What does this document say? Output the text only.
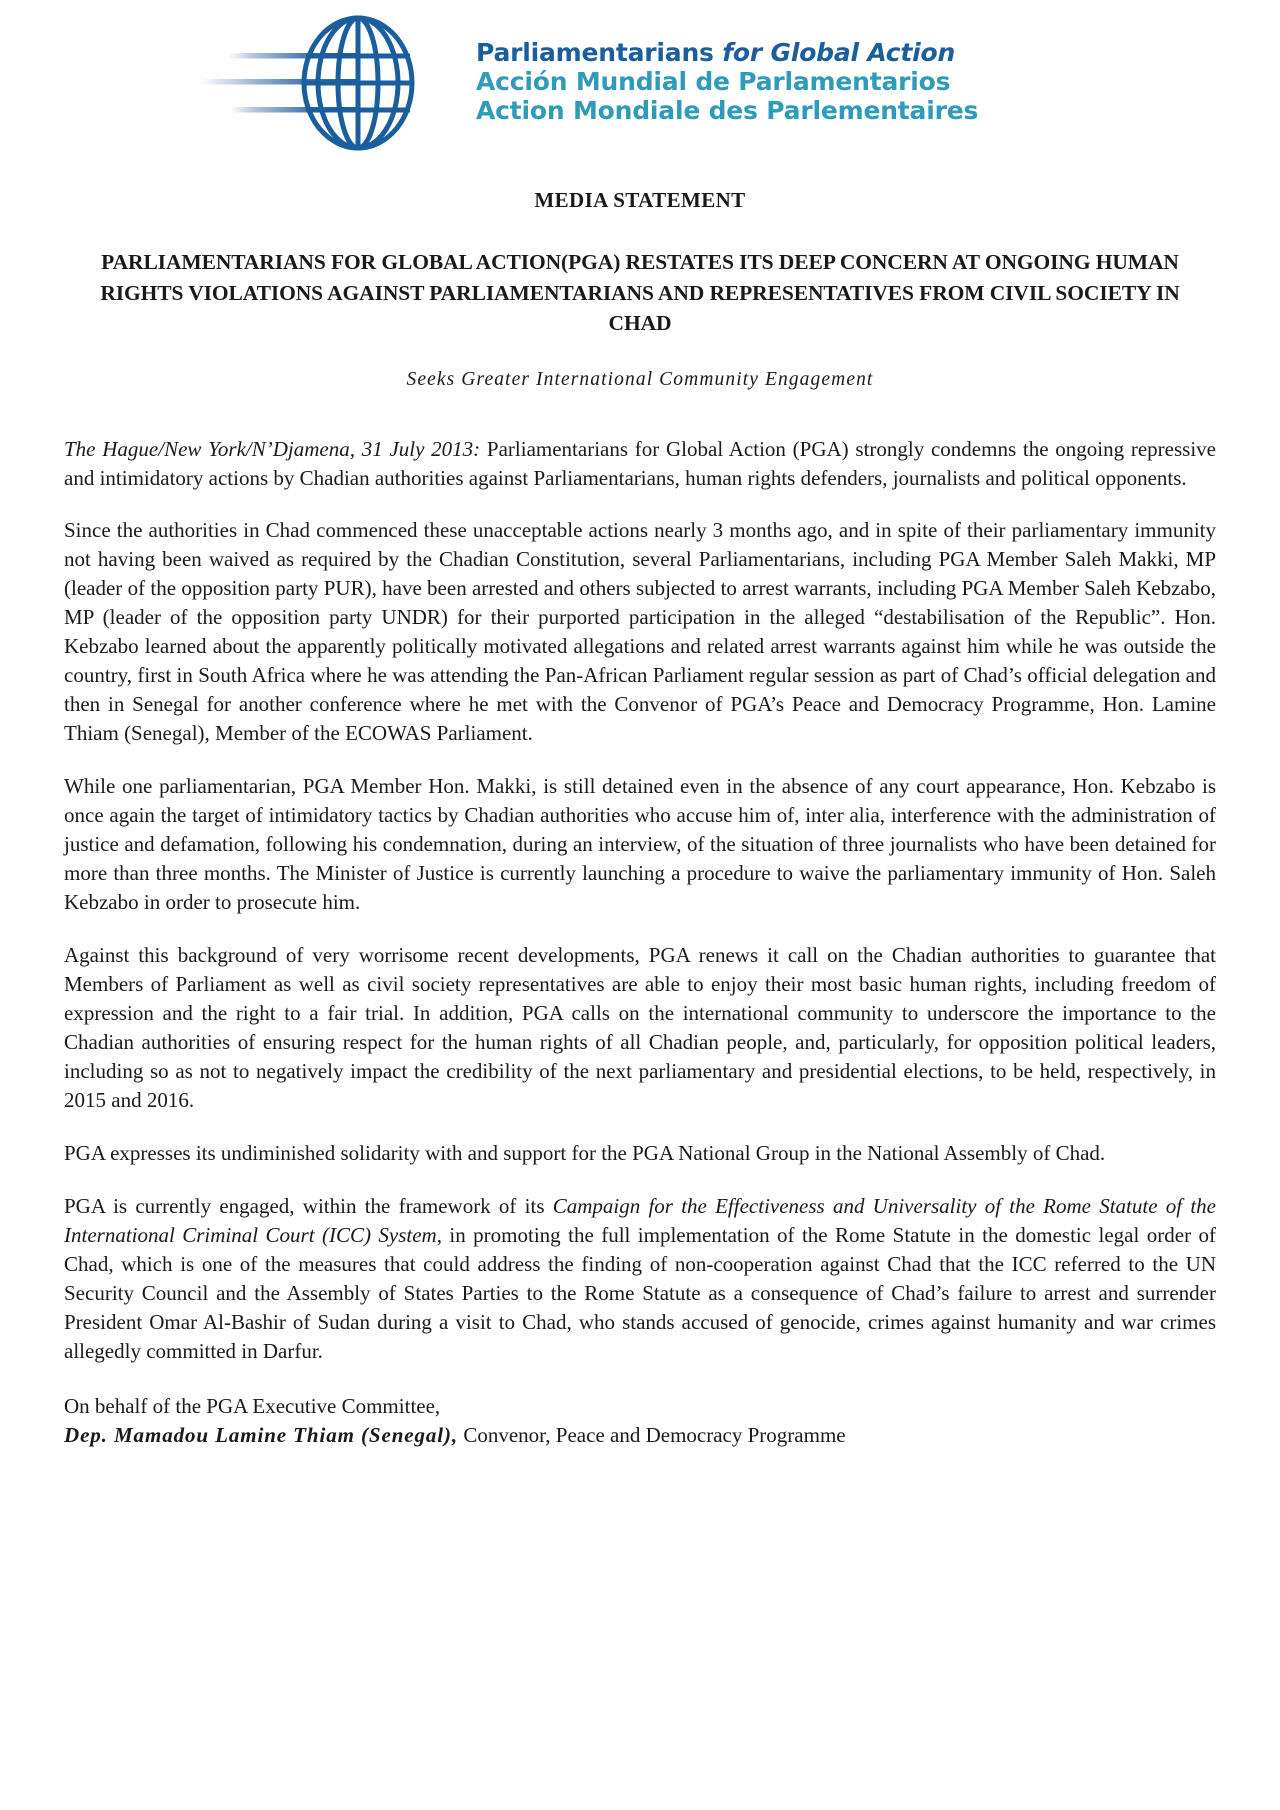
Parliamentarians for Global Action
Acción Mundial de Parlamentarios
Action Mondiale des Parlementaires
MEDIA STATEMENT
PARLIAMENTARIANS FOR GLOBAL ACTION(PGA) RESTATES ITS DEEP CONCERN AT ONGOING HUMAN RIGHTS VIOLATIONS AGAINST PARLIAMENTARIANS AND REPRESENTATIVES FROM CIVIL SOCIETY IN CHAD
Seeks Greater International Community Engagement

The Hague/New York/N’Djamena, 31 July 2013: Parliamentarians for Global Action (PGA) strongly condemns the ongoing repressive and intimidatory actions by Chadian authorities against Parliamentarians, human rights defenders, journalists and political opponents.

Since the authorities in Chad commenced these unacceptable actions nearly 3 months ago, and in spite of their parliamentary immunity not having been waived as required by the Chadian Constitution, several Parliamentarians, including PGA Member Saleh Makki, MP (leader of the opposition party PUR), have been arrested and others subjected to arrest warrants, including PGA Member Saleh Kebzabo, MP (leader of the opposition party UNDR) for their purported participation in the alleged “destabilisation of the Republic”. Hon. Kebzabo learned about the apparently politically motivated allegations and related arrest warrants against him while he was outside the country, first in South Africa where he was attending the Pan-African Parliament regular session as part of Chad’s official delegation and then in Senegal for another conference where he met with the Convenor of PGA’s Peace and Democracy Programme, Hon. Lamine Thiam (Senegal), Member of the ECOWAS Parliament.

While one parliamentarian, PGA Member Hon. Makki, is still detained even in the absence of any court appearance, Hon. Kebzabo is once again the target of intimidatory tactics by Chadian authorities who accuse him of, inter alia, interference with the administration of justice and defamation, following his condemnation, during an interview, of the situation of three journalists who have been detained for more than three months. The Minister of Justice is currently launching a procedure to waive the parliamentary immunity of Hon. Saleh Kebzabo in order to prosecute him.

Against this background of very worrisome recent developments, PGA renews it call on the Chadian authorities to guarantee that Members of Parliament as well as civil society representatives are able to enjoy their most basic human rights, including freedom of expression and the right to a fair trial. In addition, PGA calls on the international community to underscore the importance to the Chadian authorities of ensuring respect for the human rights of all Chadian people, and, particularly, for opposition political leaders, including so as not to negatively impact the credibility of the next parliamentary and presidential elections, to be held, respectively, in 2015 and 2016.

PGA expresses its undiminished solidarity with and support for the PGA National Group in the National Assembly of Chad.

PGA is currently engaged, within the framework of its Campaign for the Effectiveness and Universality of the Rome Statute of the International Criminal Court (ICC) System, in promoting the full implementation of the Rome Statute in the domestic legal order of Chad, which is one of the measures that could address the finding of non-cooperation against Chad that the ICC referred to the UN Security Council and the Assembly of States Parties to the Rome Statute as a consequence of Chad’s failure to arrest and surrender President Omar Al-Bashir of Sudan during a visit to Chad, who stands accused of genocide, crimes against humanity and war crimes allegedly committed in Darfur.

On behalf of the PGA Executive Committee,
Dep. Mamadou Lamine Thiam (Senegal), Convenor, Peace and Democracy Programme
